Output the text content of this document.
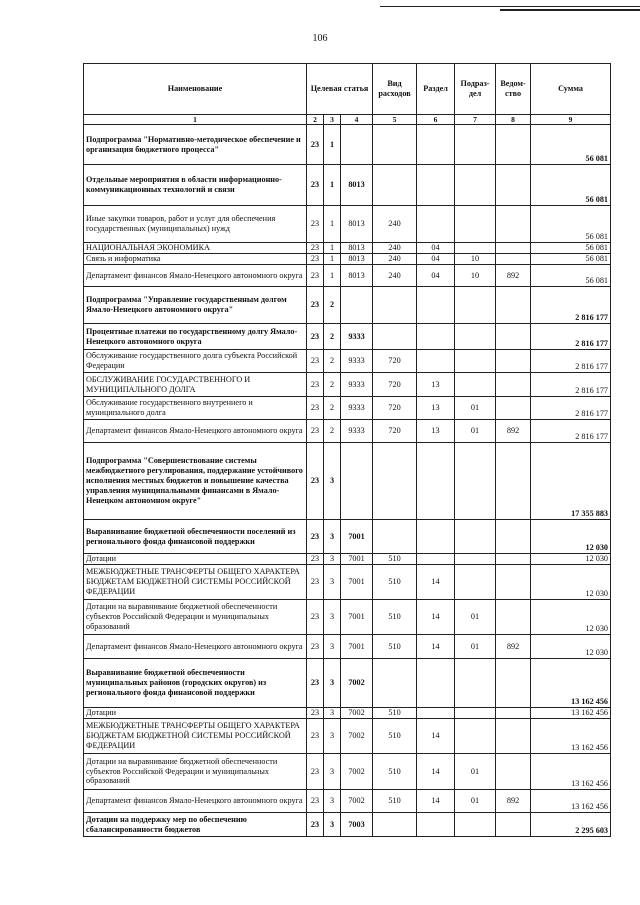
106
Наименование	Целевая статья			Вид расходов	Раздел	Подраз-дел	Ведом-ство	Сумма
1	2	3	4	5	6	7	8	9
Подпрограмма "Нормативно-методическое обеспечение и организация бюджетного процесса"	23	1						56 081
Отдельные мероприятия в области информационно-коммуникационных технологий и связи	23	1	8013					56 081
Иные закупки товаров, работ и услуг для обеспечения государственных (муниципальных) нужд	23	1	8013	240				56 081
НАЦИОНАЛЬНАЯ ЭКОНОМИКА	23	1	8013	240	04			56 081
Связь и информатика	23	1	8013	240	04	10		56 081
Департамент финансов Ямало-Ненецкого автономного округа	23	1	8013	240	04	10	892	56 081
Подпрограмма "Управление государственным долгом Ямало-Ненецкого автономного округа"	23	2						2 816 177
Процентные платежи по государственному долгу Ямало-Ненецкого автономного округа	23	2	9333					2 816 177
Обслуживание государственного долга субъекта Российской Федерации	23	2	9333	720				2 816 177
ОБСЛУЖИВАНИЕ ГОСУДАРСТВЕННОГО И МУНИЦИПАЛЬНОГО ДОЛГА	23	2	9333	720	13			2 816 177
Обслуживание государственного внутреннего и муниципального долга	23	2	9333	720	13	01		2 816 177
Департамент финансов Ямало-Ненецкого автономного округа	23	2	9333	720	13	01	892	2 816 177
Подпрограмма "Совершенствование системы межбюджетного регулирования, поддержание устойчивого исполнения местных бюджетов и повышение качества управления муниципальными финансами в Ямало-Ненецком автономном округе"	23	3						17 355 883
Выравнивание бюджетной обеспеченности поселений из регионального фонда финансовой поддержки	23	3	7001					12 030
Дотации	23	3	7001	510				12 030
МЕЖБЮДЖЕТНЫЕ ТРАНСФЕРТЫ ОБЩЕГО ХАРАКТЕРА БЮДЖЕТАМ БЮДЖЕТНОЙ СИСТЕМЫ РОССИЙСКОЙ ФЕДЕРАЦИИ	23	3	7001	510	14			12 030
Дотации на выравнивание бюджетной обеспеченности субъектов Российской Федерации и муниципальных образований	23	3	7001	510	14	01		12 030
Департамент финансов Ямало-Ненецкого автономного округа	23	3	7001	510	14	01	892	12 030
Выравнивание бюджетной обеспеченности муниципальных районов (городских округов) из регионального фонда финансовой поддержки	23	3	7002					13 162 456
Дотации	23	3	7002	510				13 162 456
МЕЖБЮДЖЕТНЫЕ ТРАНСФЕРТЫ ОБЩЕГО ХАРАКТЕРА БЮДЖЕТАМ БЮДЖЕТНОЙ СИСТЕМЫ РОССИЙСКОЙ ФЕДЕРАЦИИ	23	3	7002	510	14			13 162 456
Дотации на выравнивание бюджетной обеспеченности субъектов Российской Федерации и муниципальных образований	23	3	7002	510	14	01		13 162 456
Департамент финансов Ямало-Ненецкого автономного округа	23	3	7002	510	14	01	892	13 162 456
Дотации на поддержку мер по обеспечению сбалансированности бюджетов	23	3	7003					2 295 603
